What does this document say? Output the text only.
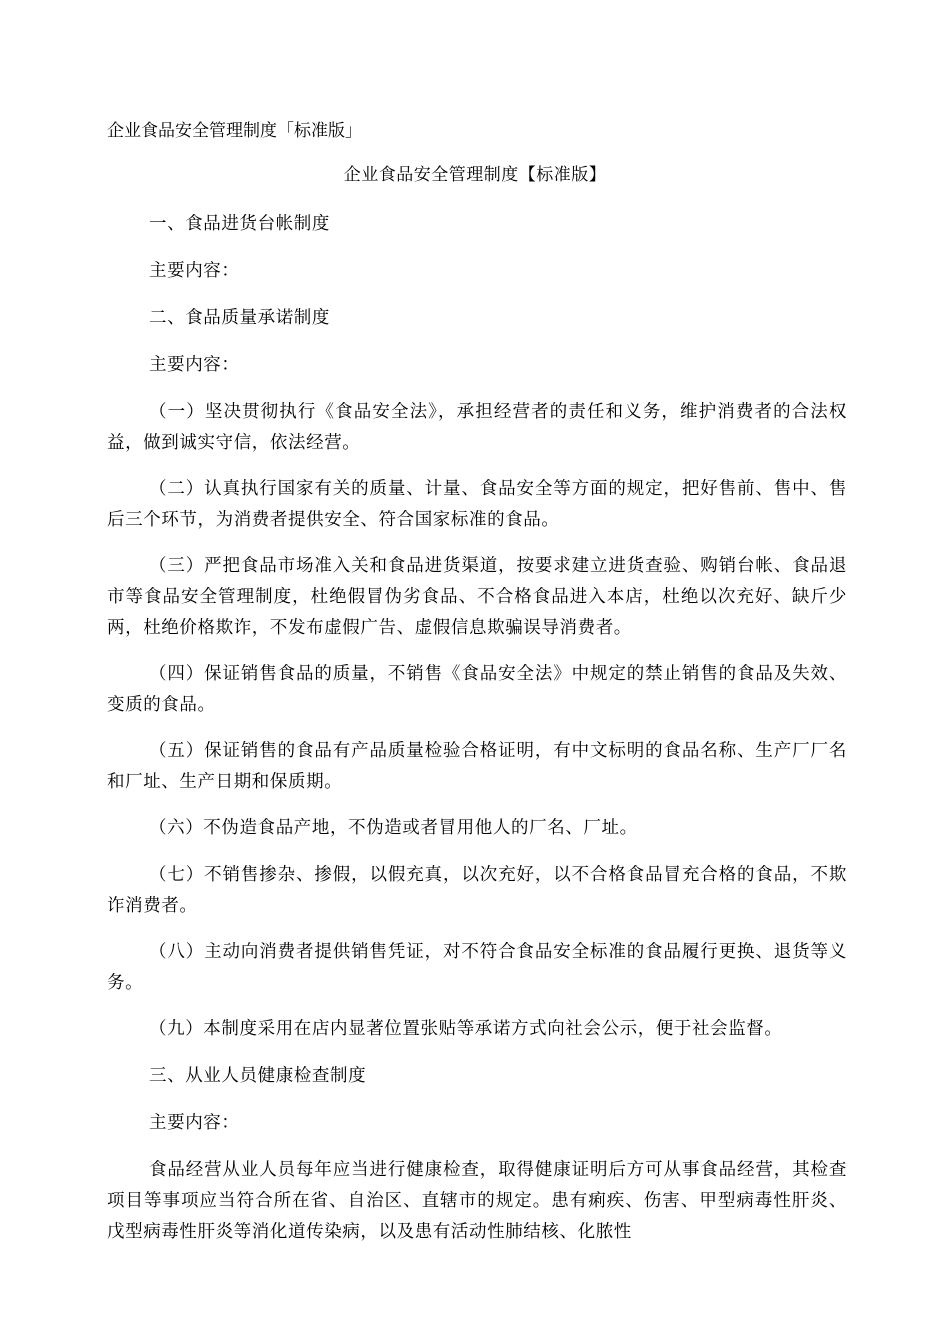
企业食品安全管理制度「标准版」
企业食品安全管理制度【标准版】

一、食品进货台帐制度

主要内容：

二、食品质量承诺制度

主要内容：

（一）坚决贯彻执行《食品安全法》，承担经营者的责任和义务，维护消费者的合法权益，做到诚实守信，依法经营。

（二）认真执行国家有关的质量、计量、食品安全等方面的规定，把好售前、售中、售后三个环节，为消费者提供安全、符合国家标准的食品。

（三）严把食品市场准入关和食品进货渠道，按要求建立进货查验、购销台帐、食品退市等食品安全管理制度，杜绝假冒伪劣食品、不合格食品进入本店，杜绝以次充好、缺斤少两，杜绝价格欺诈，不发布虚假广告、虚假信息欺骗误导消费者。

（四）保证销售食品的质量，不销售《食品安全法》中规定的禁止销售的食品及失效、变质的食品。

（五）保证销售的食品有产品质量检验合格证明，有中文标明的食品名称、生产厂厂名和厂址、生产日期和保质期。

（六）不伪造食品产地，不伪造或者冒用他人的厂名、厂址。

（七）不销售掺杂、掺假，以假充真，以次充好，以不合格食品冒充合格的食品，不欺诈消费者。

（八）主动向消费者提供销售凭证，对不符合食品安全标准的食品履行更换、退货等义务。

（九）本制度采用在店内显著位置张贴等承诺方式向社会公示，便于社会监督。

三、从业人员健康检查制度

主要内容：

食品经营从业人员每年应当进行健康检查，取得健康证明后方可从事食品经营，其检查项目等事项应当符合所在省、自治区、直辖市的规定。患有痢疾、伤害、甲型病毒性肝炎、戊型病毒性肝炎等消化道传染病，以及患有活动性肺结核、化脓性
